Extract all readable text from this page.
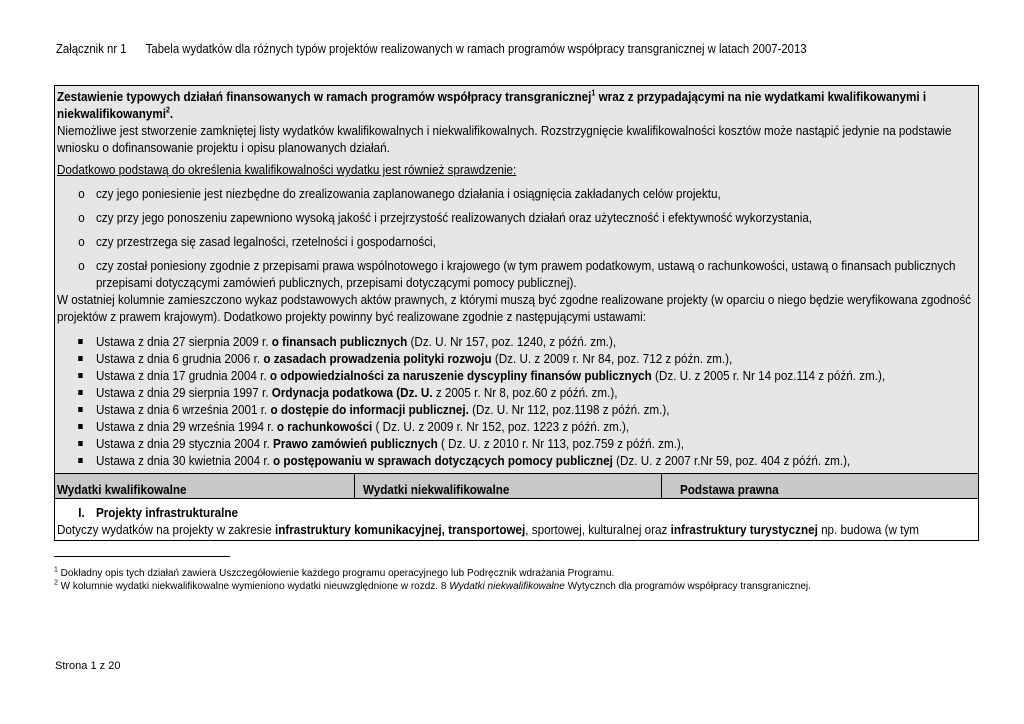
Załącznik nr 1 Tabela wydatków dla różnych typów projektów realizowanych w ramach programów współpracy transgranicznej w latach 2007-2013

Zestawienie typowych działań finansowanych w ramach programów współpracy transgranicznej$^1$ wraz z przypadającymi na nie wydatkami kwalifikowanymi i niekwalifikowanymi$^2$.

Niemożliwe jest stworzenie zamkniętej listy wydatków kwalifikowalnych i niekwalifikowalnych. Rozstrzygnięcie kwalifikowalności kosztów może nastąpić jedynie na podstawie wniosku o dofinansowanie projektu i opisu planowanych działań.

Dodatkowo podstawą do określenia kwalifikowalności wydatku jest również sprawdzenie:

o czy jego poniesienie jest niezbędne do zrealizowania zaplanowanego działania i osiągnięcia zakładanych celów projektu,
o czy przy jego ponoszeniu zapewniono wysoką jakość i przejrzystość realizowanych działań oraz użyteczność i efektywność wykorzystania,
o czy przestrzega się zasad legalności, rzetelności i gospodarności,
o czy został poniesiony zgodnie z przepisami prawa wspólnotowego i krajowego (w tym prawem podatkowym, ustawą o rachunkowości, ustawą o finansach publicznych przepisami dotyczącymi zamówień publicznych, przepisami dotyczącymi pomocy publicznej).

W ostatniej kolumnie zamieszczono wykaz podstawowych aktów prawnych, z którymi muszą być zgodne realizowane projekty (w oparciu o niego będzie weryfikowana zgodność projektów z prawem krajowym). Dodatkowo projekty powinny być realizowane zgodnie z następującymi ustawami:

Ustawa z dnia 27 sierpnia 2009 r. o finansach publicznych (Dz. U. Nr 157, poz. 1240, z późń. zm.),
Ustawa z dnia 6 grudnia 2006 r. o zasadach prowadzenia polityki rozwoju (Dz. U. z 2009 r. Nr 84, poz. 712 z późn. zm.),
Ustawa z dnia 17 grudnia 2004 r. o odpowiedzialności za naruszenie dyscypliny finansów publicznych (Dz. U. z 2005 r. Nr 14 poz.114 z późń. zm.),
Ustawa z dnia 29 sierpnia 1997 r. Ordynacja podatkowa (Dz. U. z 2005 r. Nr 8, poz.60 z późń. zm.),
Ustawa z dnia 6 września 2001 r. o dostępie do informacji publicznej. (Dz. U. Nr 112, poz.1198 z późń. zm.),
Ustawa z dnia 29 września 1994 r. o rachunkowości ( Dz. U. z 2009 r. Nr 152, poz. 1223 z późń. zm.),
Ustawa z dnia 29 stycznia 2004 r. Prawo zamówień publicznych ( Dz. U. z 2010 r. Nr 113, poz.759 z późń. zm.),
Ustawa z dnia 30 kwietnia 2004 r. o postępowaniu w sprawach dotyczących pomocy publicznej (Dz. U. z 2007 r.Nr 59, poz. 404 z późń. zm.),
Wydatki kwalifikowalne	Wydatki niekwalifikowalne	Podstawa prawna

I. Projekty infrastrukturalne

Dotyczy wydatków na projekty w zakresie infrastruktury komunikacyjnej, transportowej, sportowej, kulturalnej oraz infrastruktury turystycznej np. budowa (w tym

$^1$ Dokładny opis tych działań zawiera Uszczegółowienie każdego programu operacyjnego lub Podręcznik wdrażania Programu.

$^2$ W kolumnie wydatki niekwalifikowalne wymieniono wydatki nieuwzględnione w rozdz. 8 Wydatki niekwalifikowalne Wytycznch dla programów współpracy transgranicznej.

Strona 1 z 20
